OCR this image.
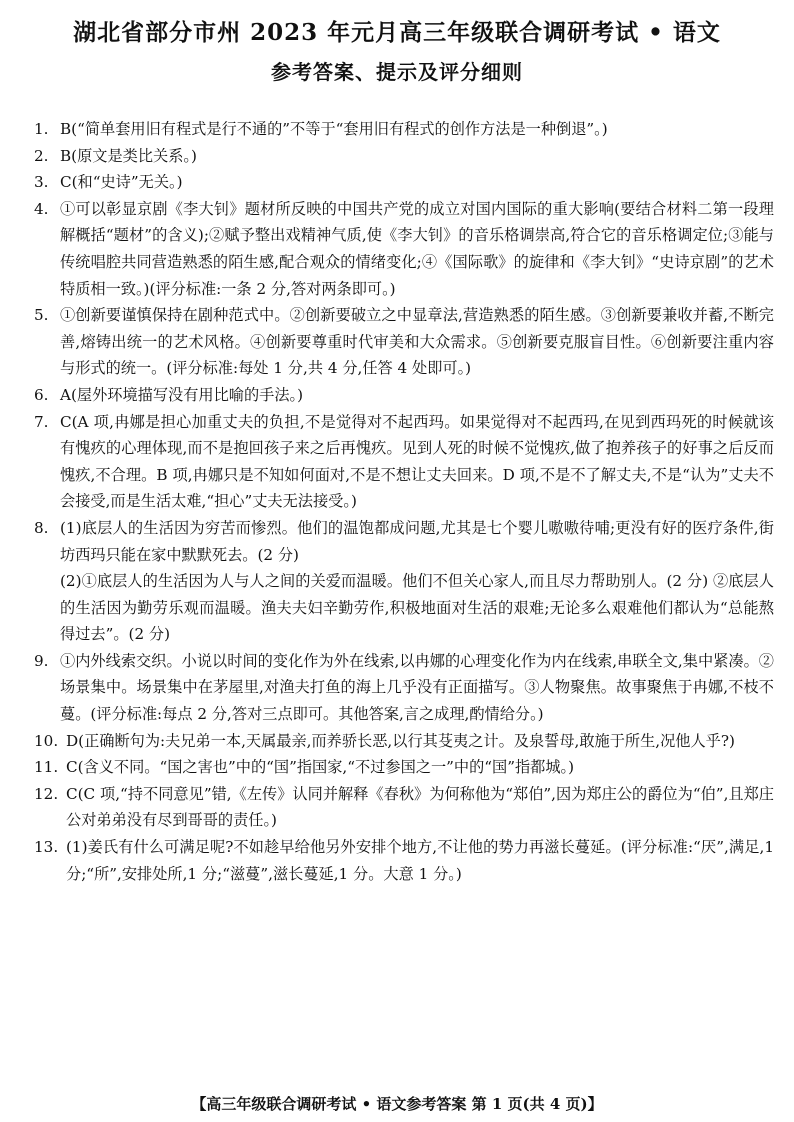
湖北省部分市州 2023 年元月高三年级联合调研考试 • 语文
参考答案、提示及评分细则
1. B(“简单套用旧有程式是行不通的”不等于“套用旧有程式的创作方法是一种倒退”。)
2. B(原文是类比关系。)
3. C(和“史诗”无关。)
4. ①可以彰显京剧《李大钊》题材所反映的中国共产党的成立对国内国际的重大影响(要结合材料二第一段理解概括“题材”的含义);②赋予整出戏精神气质,使《李大钊》的音乐格调崇高,符合它的音乐格调定位;③能与传统唱腔共同营造熟悉的陌生感,配合观众的情绪变化;④《国际歌》的旋律和《李大钊》“史诗京剧”的艺术特质相一致。)(评分标准:一条 2 分,答对两条即可。)
5. ①创新要谨慎保持在剧种范式中。②创新要破立之中显章法,营造熟悉的陌生感。③创新要兼收并蓄,不断完善,熔铸出统一的艺术风格。④创新要尊重时代审美和大众需求。⑤创新要克服盲目性。⑥创新要注重内容与形式的统一。(评分标准:每处 1 分,共 4 分,任答 4 处即可。)
6. A(屋外环境描写没有用比喻的手法。)
7. C(A 项,冉娜是担心加重丈夫的负担,不是觉得对不起西玛。如果觉得对不起西玛,在见到西玛死的时候就该有愧疚的心理体现,而不是抱回孩子来之后再愧疚。见到人死的时候不觉愧疚,做了抱养孩子的好事之后反而愧疚,不合理。B 项,冉娜只是不知如何面对,不是不想让丈夫回来。D 项,不是不了解丈夫,不是“认为”丈夫不会接受,而是生活太难,“担心”丈夫无法接受。)
8. (1)底层人的生活因为穷苦而惨烈。他们的温饱都成问题,尤其是七个婴儿嗷嗷待哺;更没有好的医疗条件,街坊西玛只能在家中默默死去。(2 分)
(2)①底层人的生活因为人与人之间的关爱而温暖。他们不但关心家人,而且尽力帮助别人。(2 分) ②底层人的生活因为勤劳乐观而温暖。渔夫夫妇辛勤劳作,积极地面对生活的艰难;无论多么艰难他们都认为“总能熬得过去”。(2 分)
9. ①内外线索交织。小说以时间的变化作为外在线索,以冉娜的心理变化作为内在线索,串联全文,集中紧凑。②场景集中。场景集中在茅屋里,对渔夫打鱼的海上几乎没有正面描写。③人物聚焦。故事聚焦于冉娜,不枝不蔓。(评分标准:每点 2 分,答对三点即可。其他答案,言之成理,酌情给分。)
10. D(正确断句为:夫兄弟一本,天属最亲,而养骄长恶,以行其芟夷之计。及泉誓母,敢施于所生,况他人乎?)
11. C(含义不同。“国之害也”中的“国”指国家,“不过参国之一”中的“国”指都城。)
12. C(C 项,“持不同意见”错,《左传》认同并解释《春秋》为何称他为“郑伯”,因为郑庄公的爵位为“伯”,且郑庄公对弟弟没有尽到哥哥的责任。)
13. (1)姜氏有什么可满足呢?不如趁早给他另外安排个地方,不让他的势力再滋长蔓延。(评分标准:“厌”,满足,1 分;“所”,安排处所,1 分;“滋蔓”,滋长蔓延,1 分。大意 1 分。)
【高三年级联合调研考试 • 语文参考答案 第 1 页(共 4 页)】
